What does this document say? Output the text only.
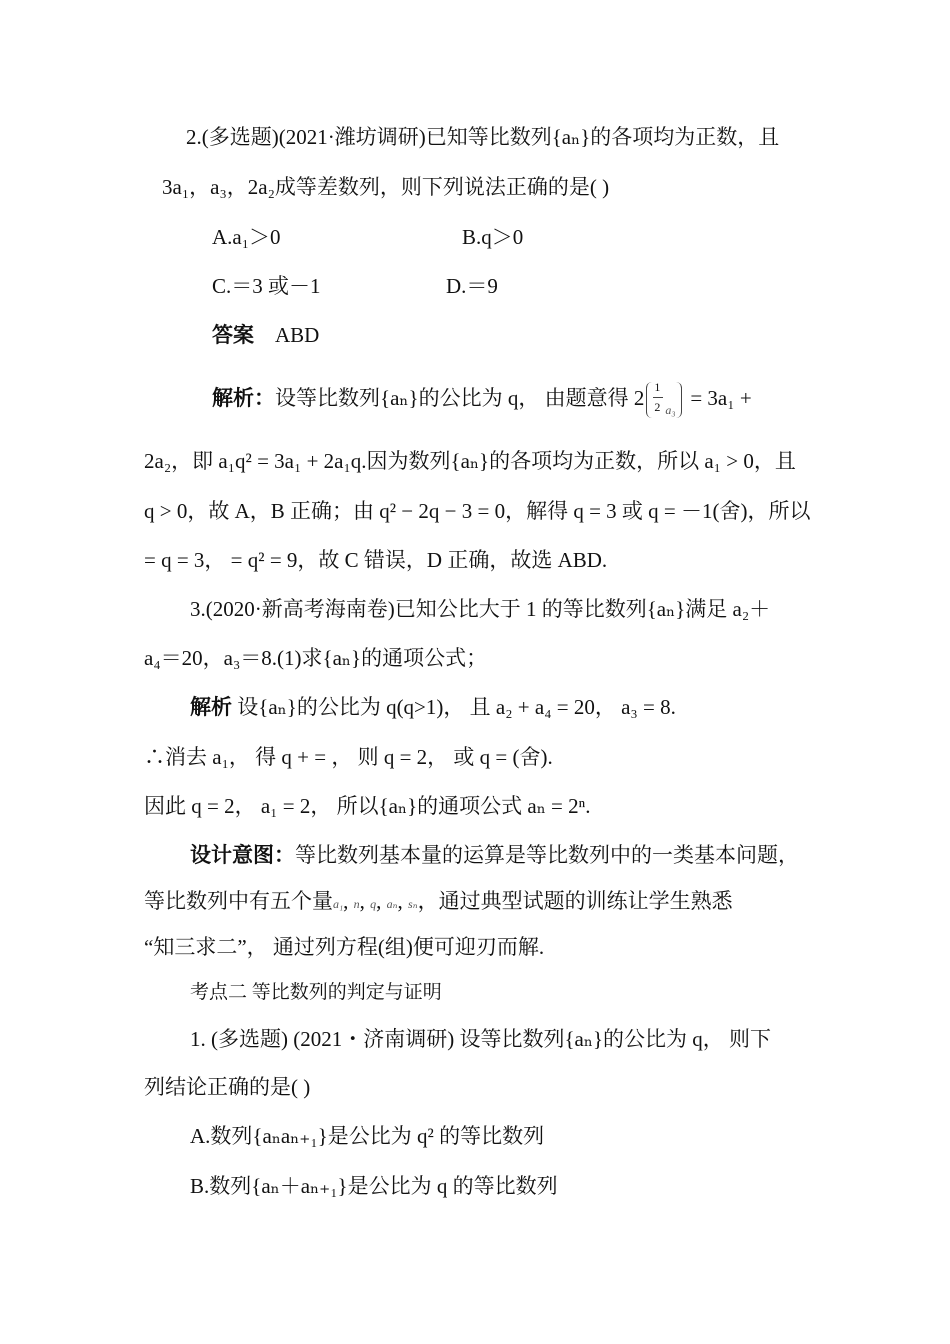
2.(多选题)(2021·潍坊调研)已知等比数列{aₙ}的各项均为正数，且
3a₁，a₃，2a₂成等差数列，则下列说法正确的是( )
A.a₁＞0	B.q＞0
C.＝3 或－1	D.＝9
答案 ABD
解析：设等比数列{aₙ}的公比为 q， 由题意得 2 1
2 a₃
= 3a₁ +
2a₂，即 a₁q² = 3a₁ + 2a₁q.因为数列{aₙ}的各项均为正数，所以 a₁ > 0，且
q > 0，故 A，B 正确；由 q² − 2q − 3 = 0，解得 q = 3 或 q = －1(舍)，所以
= q = 3， = q² = 9，故 C 错误，D 正确，故选 ABD.
3.(2020·新高考海南卷)已知公比大于 1 的等比数列{aₙ}满足 a₂＋
a₄＝20，a₃＝8.(1)求{aₙ}的通项公式；
解析 设{aₙ}的公比为 q(q>1)， 且 a₂ + a₄ = 20， a₃ = 8.
∴消去 a₁， 得 q + = ， 则 q = 2， 或 q = (舍).
因此 q = 2， a₁ = 2， 所以{aₙ}的通项公式 aₙ = 2ⁿ.
设计意图：等比数列基本量的运算是等比数列中的一类基本问题，
等比数列中有五个量a₁, n, q, aₙ, sₙ，通过典型试题的训练让学生熟悉
“知三求二”， 通过列方程(组)便可迎刃而解.
考点二 等比数列的判定与证明
1. (多选题) (2021・济南调研) 设等比数列{aₙ}的公比为 q， 则下
列结论正确的是( )
A.数列{aₙaₙ₊₁}是公比为 q² 的等比数列
B.数列{aₙ＋aₙ₊₁}是公比为 q 的等比数列
